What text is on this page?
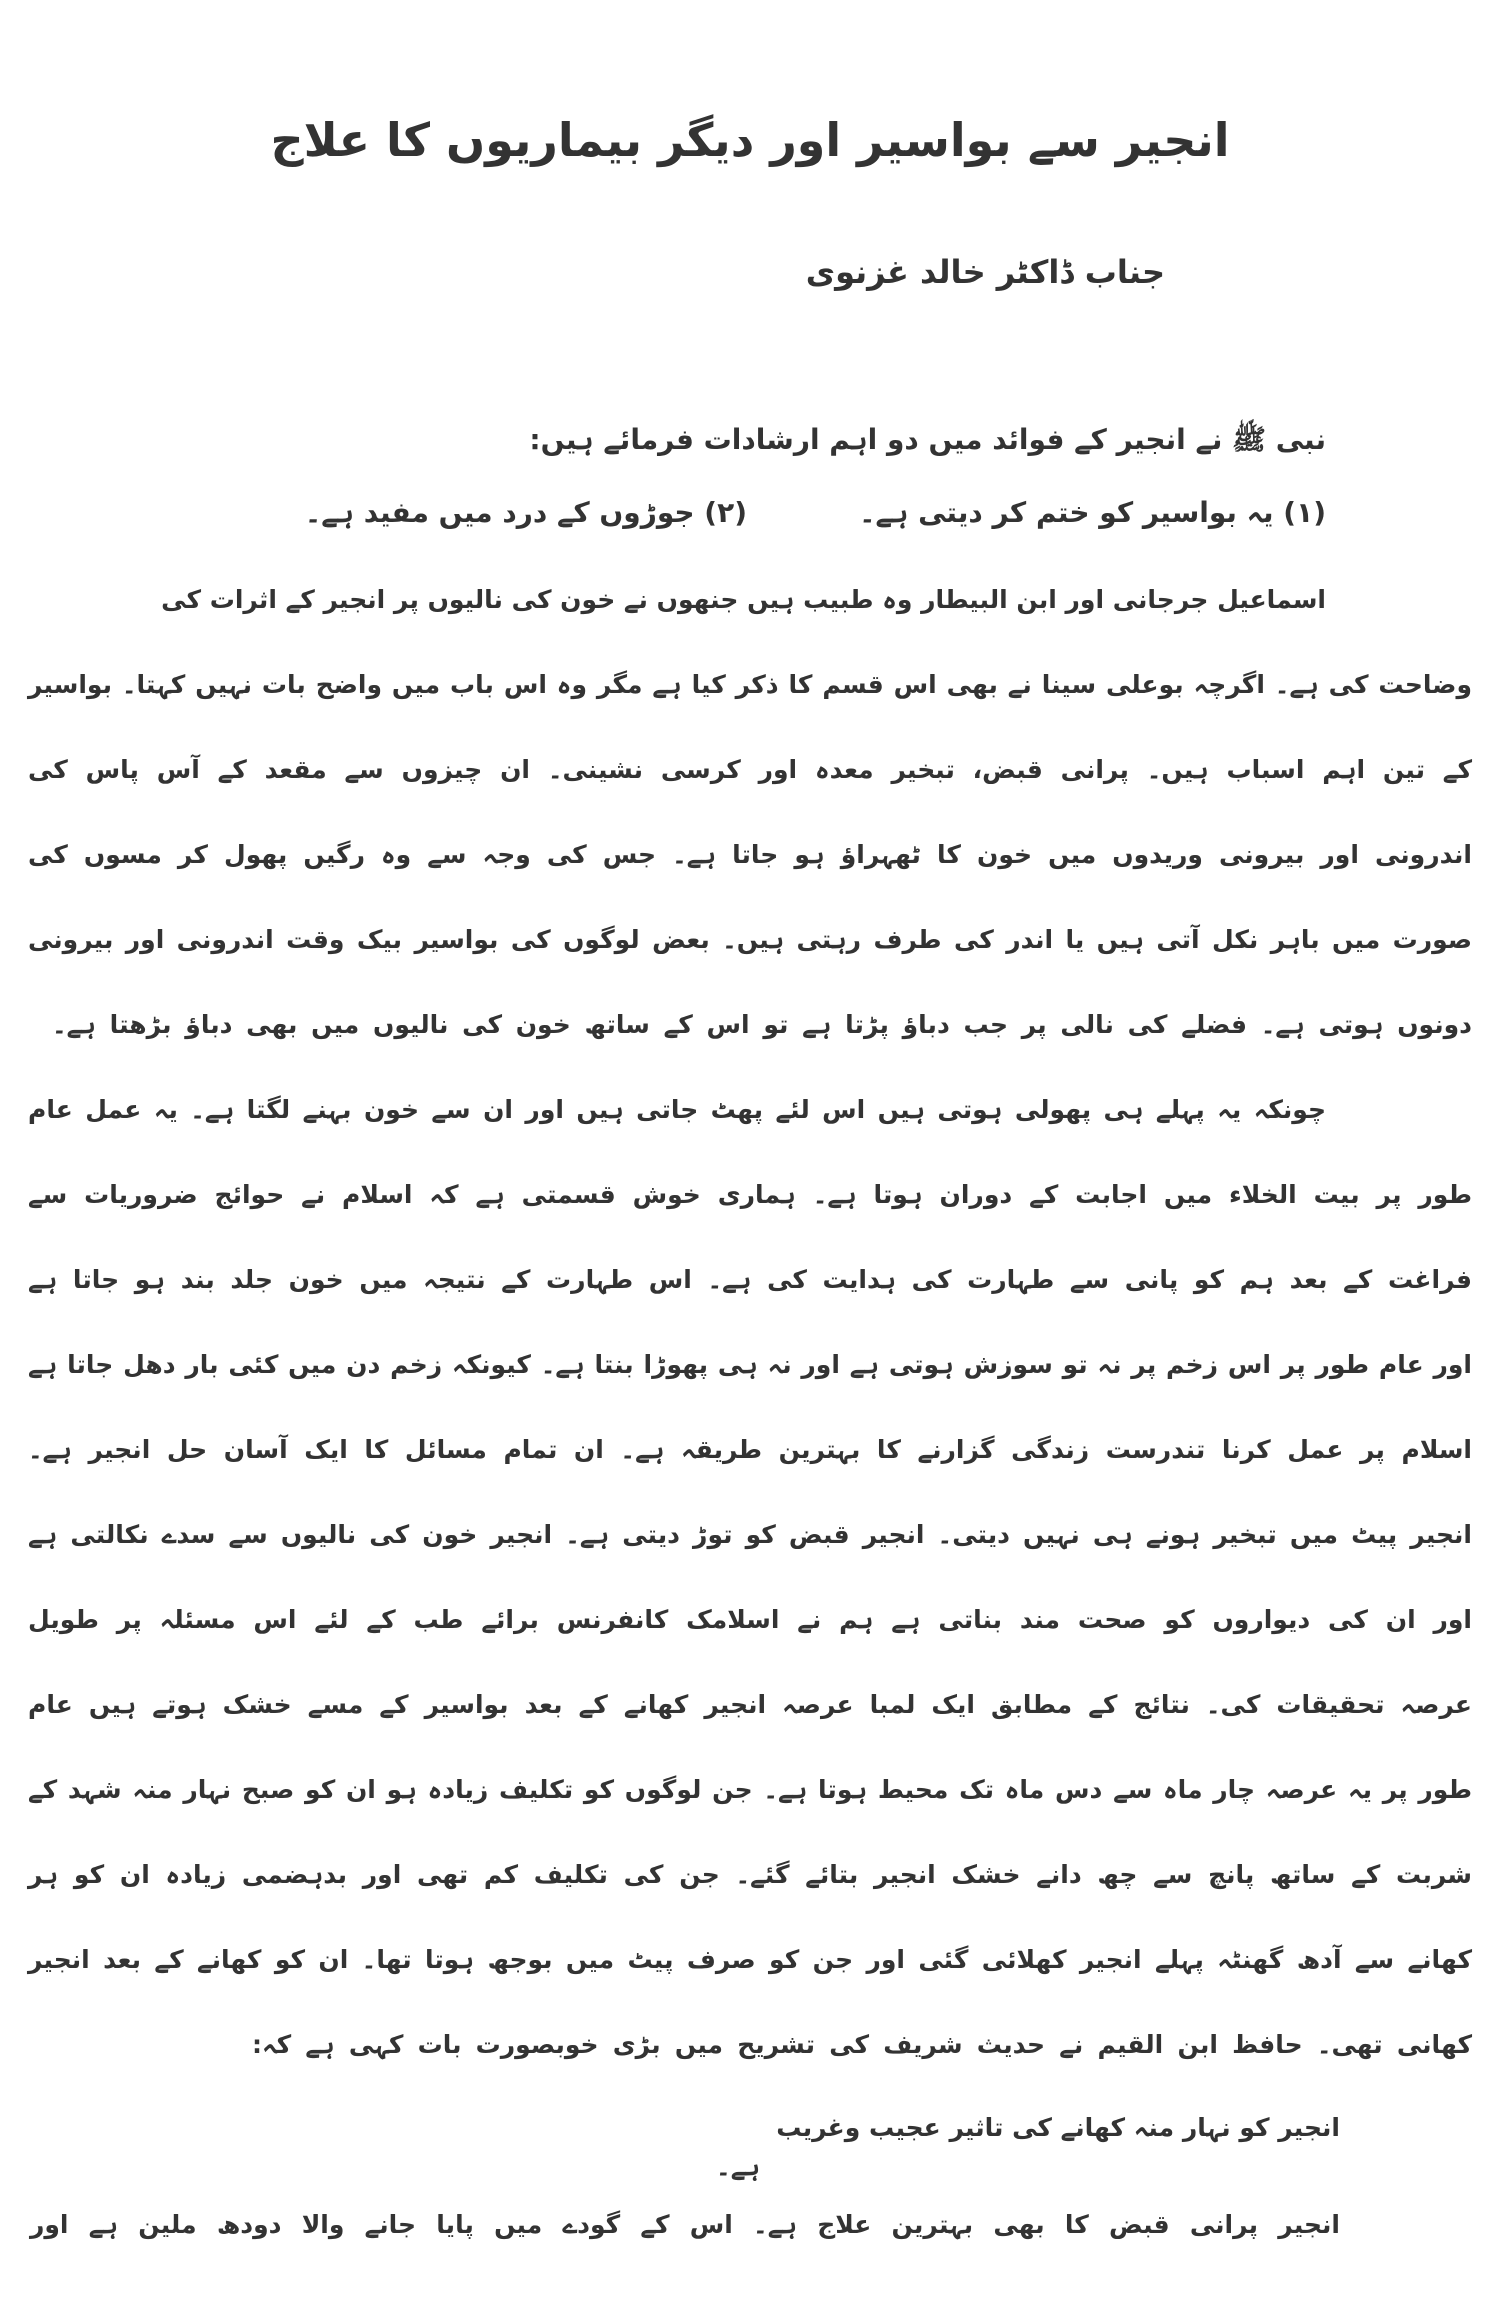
انجیر سے بواسیر اور دیگر بیماریوں کا علاج
جناب ڈاکٹر خالد غزنوی
نبی ﷺ نے انجیر کے فوائد میں دو اہم ارشادات فرمائے ہیں:
(۱) یہ بواسیر کو ختم کر دیتی ہے۔
(۲) جوڑوں کے درد میں مفید ہے۔
اسماعیل جرجانی اور ابن البیطار وہ طبیب ہیں جنھوں نے خون کی نالیوں پر انجیر کے اثرات کی
وضاحت کی ہے۔ اگرچہ بوعلی سینا نے بھی اس قسم کا ذکر کیا ہے مگر وہ اس باب میں واضح بات نہیں کہتا۔ بواسیر
کے تین اہم اسباب ہیں۔ پرانی قبض، تبخیر معدہ اور کرسی نشینی۔ ان چیزوں سے مقعد کے آس پاس کی
اندرونی اور بیرونی وریدوں میں خون کا ٹھہراؤ ہو جاتا ہے۔ جس کی وجہ سے وہ رگیں پھول کر مسوں کی
صورت میں باہر نکل آتی ہیں یا اندر کی طرف رہتی ہیں۔ بعض لوگوں کی بواسیر بیک وقت اندرونی اور بیرونی
دونوں ہوتی ہے۔ فضلے کی نالی پر جب دباؤ پڑتا ہے تو اس کے ساتھ خون کی نالیوں میں بھی دباؤ بڑھتا ہے۔
چونکہ یہ پہلے ہی پھولی ہوتی ہیں اس لئے پھٹ جاتی ہیں اور ان سے خون بہنے لگتا ہے۔ یہ عمل عام
طور پر بیت الخلاء میں اجابت کے دوران ہوتا ہے۔ ہماری خوش قسمتی ہے کہ اسلام نے حوائج ضروریات سے
فراغت کے بعد ہم کو پانی سے طہارت کی ہدایت کی ہے۔ اس طہارت کے نتیجہ میں خون جلد بند ہو جاتا ہے
اور عام طور پر اس زخم پر نہ تو سوزش ہوتی ہے اور نہ ہی پھوڑا بنتا ہے۔ کیونکہ زخم دن میں کئی بار دھل جاتا ہے
اسلام پر عمل کرنا تندرست زندگی گزارنے کا بہترین طریقہ ہے۔ ان تمام مسائل کا ایک آسان حل انجیر ہے۔
انجیر پیٹ میں تبخیر ہونے ہی نہیں دیتی۔ انجیر قبض کو توڑ دیتی ہے۔ انجیر خون کی نالیوں سے سدے نکالتی ہے
اور ان کی دیواروں کو صحت مند بناتی ہے ہم نے اسلامک کانفرنس برائے طب کے لئے اس مسئلہ پر طویل
عرصہ تحقیقات کی۔ نتائج کے مطابق ایک لمبا عرصہ انجیر کھانے کے بعد بواسیر کے مسے خشک ہوتے ہیں عام
طور پر یہ عرصہ چار ماہ سے دس ماہ تک محیط ہوتا ہے۔ جن لوگوں کو تکلیف زیادہ ہو ان کو صبح نہار منہ شہد کے
شربت کے ساتھ پانچ سے چھ دانے خشک انجیر بتائے گئے۔ جن کی تکلیف کم تھی اور بدہضمی زیادہ ان کو ہر
کھانے سے آدھ گھنٹہ پہلے انجیر کھلائی گئی اور جن کو صرف پیٹ میں بوجھ ہوتا تھا۔ ان کو کھانے کے بعد انجیر
کھانی تھی۔ حافظ ابن القیم نے حدیث شریف کی تشریح میں بڑی خوبصورت بات کہی ہے کہ:
انجیر کو نہار منہ کھانے کی تاثیر عجیب وغریب
ہے۔
انجیر پرانی قبض کا بھی بہترین علاج ہے۔ اس کے گودے میں پایا جانے والا دودھ ملین ہے اور
